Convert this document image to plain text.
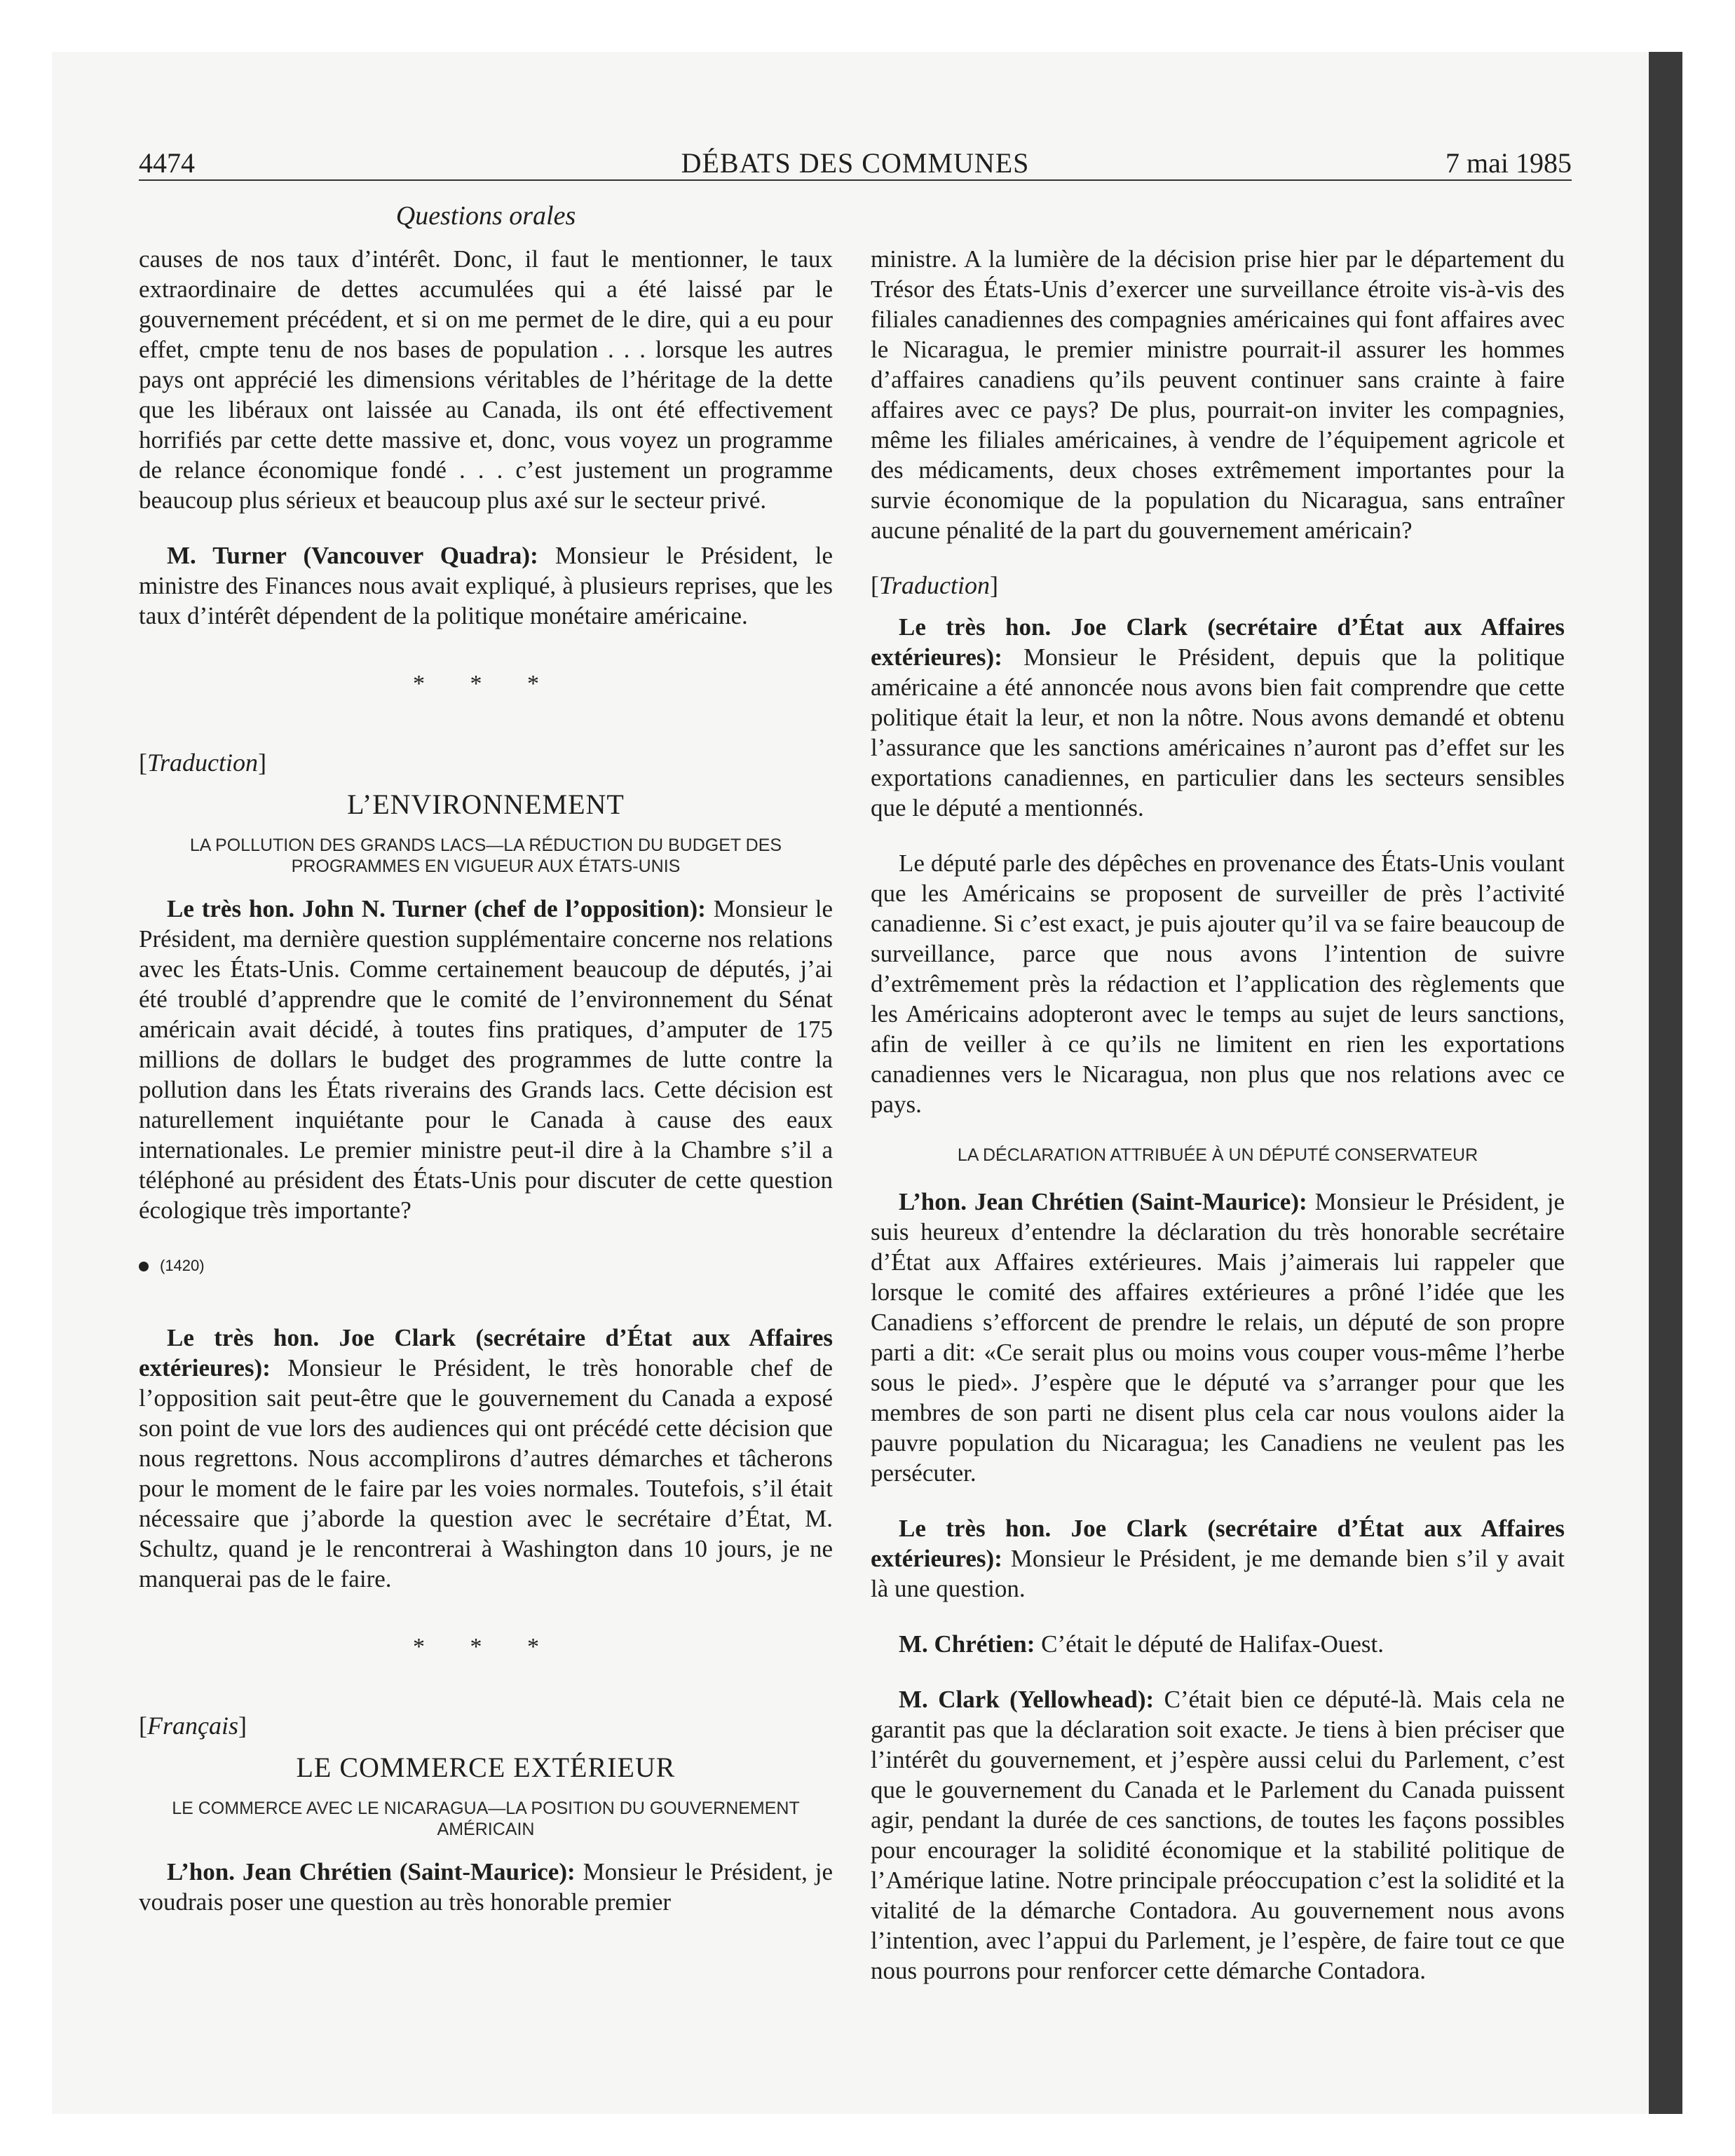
4474	DÉBATS DES COMMUNES	7 mai 1985
Questions orales

causes de nos taux d’intérêt. Donc, il faut le mentionner, le taux extraordinaire de dettes accumulées qui a été laissé par le gouvernement précédent, et si on me permet de le dire, qui a eu pour effet, cmpte tenu de nos bases de population . . . lorsque les autres pays ont apprécié les dimensions véritables de l’héritage de la dette que les libéraux ont laissée au Canada, ils ont été effectivement horrifiés par cette dette massive et, donc, vous voyez un programme de relance économique fondé . . . c’est justement un programme beaucoup plus sérieux et beaucoup plus axé sur le secteur privé.

M. Turner (Vancouver Quadra): Monsieur le Président, le ministre des Finances nous avait expliqué, à plusieurs reprises, que les taux d’intérêt dépendent de la politique monétaire américaine.

* * *
[Traduction]
L’ENVIRONNEMENT
LA POLLUTION DES GRANDS LACS—LA RÉDUCTION DU BUDGET DES PROGRAMMES EN VIGUEUR AUX ÉTATS-UNIS

Le très hon. John N. Turner (chef de l’opposition): Monsieur le Président, ma dernière question supplémentaire concerne nos relations avec les États-Unis. Comme certainement beaucoup de députés, j’ai été troublé d’apprendre que le comité de l’environnement du Sénat américain avait décidé, à toutes fins pratiques, d’amputer de 175 millions de dollars le budget des programmes de lutte contre la pollution dans les États riverains des Grands lacs. Cette décision est naturellement inquiétante pour le Canada à cause des eaux internationales. Le premier ministre peut-il dire à la Chambre s’il a téléphoné au président des États-Unis pour discuter de cette question écologique très importante?

(1420)

Le très hon. Joe Clark (secrétaire d’État aux Affaires extérieures): Monsieur le Président, le très honorable chef de l’opposition sait peut-être que le gouvernement du Canada a exposé son point de vue lors des audiences qui ont précédé cette décision que nous regrettons. Nous accomplirons d’autres démarches et tâcherons pour le moment de le faire par les voies normales. Toutefois, s’il était nécessaire que j’aborde la question avec le secrétaire d’État, M. Schultz, quand je le rencontrerai à Washington dans 10 jours, je ne manquerai pas de le faire.

* * *
[Français]
LE COMMERCE EXTÉRIEUR
LE COMMERCE AVEC LE NICARAGUA—LA POSITION DU GOUVERNEMENT AMÉRICAIN

L’hon. Jean Chrétien (Saint-Maurice): Monsieur le Président, je voudrais poser une question au très honorable premier

ministre. A la lumière de la décision prise hier par le département du Trésor des États-Unis d’exercer une surveillance étroite vis-à-vis des filiales canadiennes des compagnies américaines qui font affaires avec le Nicaragua, le premier ministre pourrait-il assurer les hommes d’affaires canadiens qu’ils peuvent continuer sans crainte à faire affaires avec ce pays? De plus, pourrait-on inviter les compagnies, même les filiales américaines, à vendre de l’équipement agricole et des médicaments, deux choses extrêmement importantes pour la survie économique de la population du Nicaragua, sans entraîner aucune pénalité de la part du gouvernement américain?

[Traduction]

Le très hon. Joe Clark (secrétaire d’État aux Affaires extérieures): Monsieur le Président, depuis que la politique américaine a été annoncée nous avons bien fait comprendre que cette politique était la leur, et non la nôtre. Nous avons demandé et obtenu l’assurance que les sanctions américaines n’auront pas d’effet sur les exportations canadiennes, en particulier dans les secteurs sensibles que le député a mentionnés.

Le député parle des dépêches en provenance des États-Unis voulant que les Américains se proposent de surveiller de près l’activité canadienne. Si c’est exact, je puis ajouter qu’il va se faire beaucoup de surveillance, parce que nous avons l’intention de suivre d’extrêmement près la rédaction et l’application des règlements que les Américains adopteront avec le temps au sujet de leurs sanctions, afin de veiller à ce qu’ils ne limitent en rien les exportations canadiennes vers le Nicaragua, non plus que nos relations avec ce pays.

LA DÉCLARATION ATTRIBUÉE À UN DÉPUTÉ CONSERVATEUR

L’hon. Jean Chrétien (Saint-Maurice): Monsieur le Président, je suis heureux d’entendre la déclaration du très honorable secrétaire d’État aux Affaires extérieures. Mais j’aimerais lui rappeler que lorsque le comité des affaires extérieures a prôné l’idée que les Canadiens s’efforcent de prendre le relais, un député de son propre parti a dit: «Ce serait plus ou moins vous couper vous-même l’herbe sous le pied». J’espère que le député va s’arranger pour que les membres de son parti ne disent plus cela car nous voulons aider la pauvre population du Nicaragua; les Canadiens ne veulent pas les persécuter.

Le très hon. Joe Clark (secrétaire d’État aux Affaires extérieures): Monsieur le Président, je me demande bien s’il y avait là une question.

M. Chrétien: C’était le député de Halifax-Ouest.

M. Clark (Yellowhead): C’était bien ce député-là. Mais cela ne garantit pas que la déclaration soit exacte. Je tiens à bien préciser que l’intérêt du gouvernement, et j’espère aussi celui du Parlement, c’est que le gouvernement du Canada et le Parlement du Canada puissent agir, pendant la durée de ces sanctions, de toutes les façons possibles pour encourager la solidité économique et la stabilité politique de l’Amérique latine. Notre principale préoccupation c’est la solidité et la vitalité de la démarche Contadora. Au gouvernement nous avons l’intention, avec l’appui du Parlement, je l’espère, de faire tout ce que nous pourrons pour renforcer cette démarche Contadora.
